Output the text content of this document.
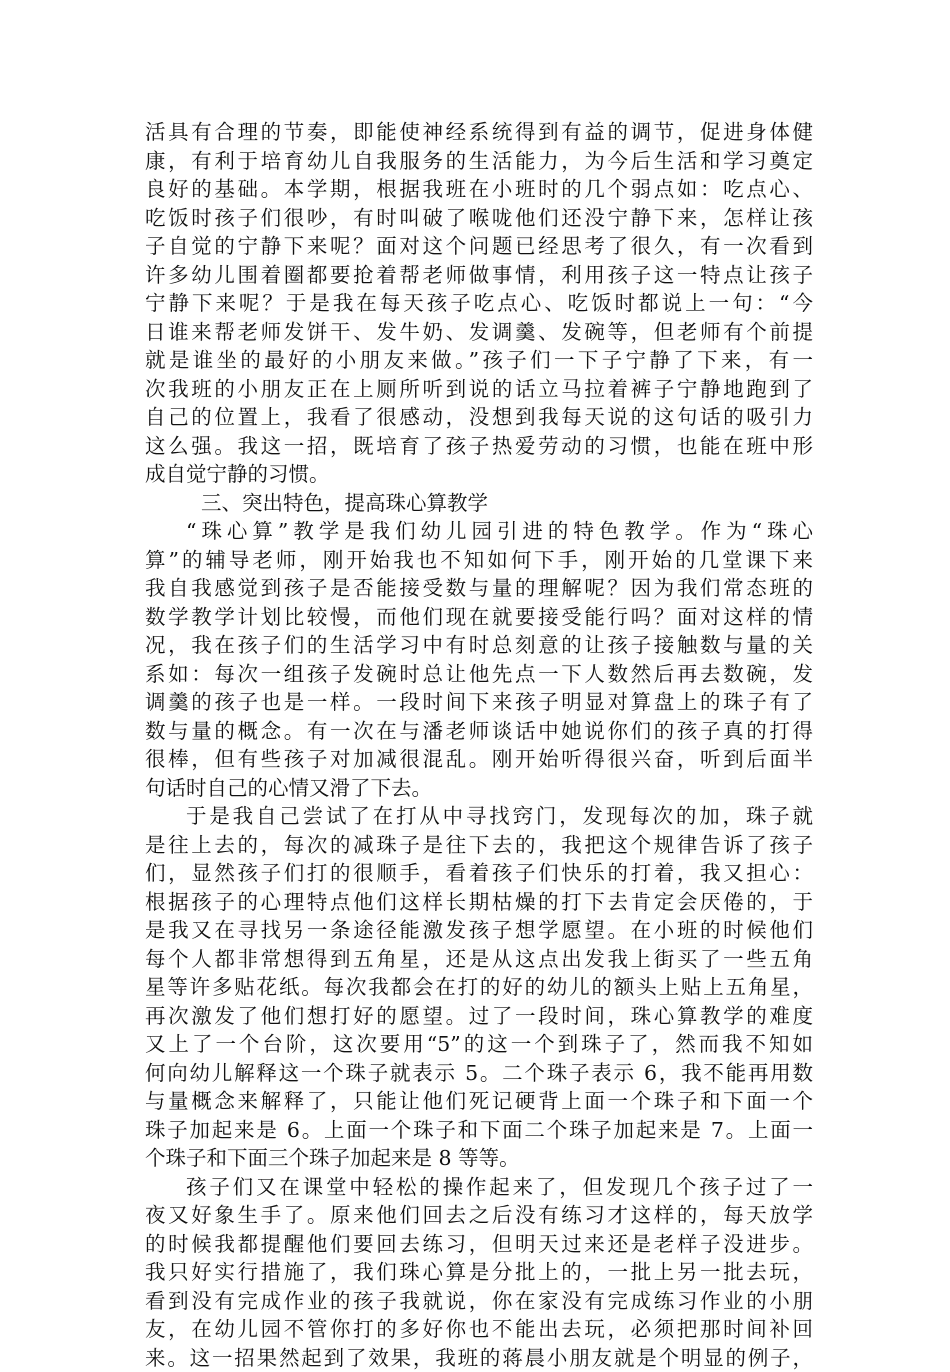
活具有合理的节奏，即能使神经系统得到有益的调节，促进身体健
康，有利于培育幼儿自我服务的生活能力，为今后生活和学习奠定
良好的基础。本学期，根据我班在小班时的几个弱点如：吃点心、
吃饭时孩子们很吵，有时叫破了喉咙他们还没宁静下来，怎样让孩
子自觉的宁静下来呢？面对这个问题已经思考了很久，有一次看到
许多幼儿围着圈都要抢着帮老师做事情，利用孩子这一特点让孩子
宁静下来呢？于是我在每天孩子吃点心、吃饭时都说上一句：“今
日谁来帮老师发饼干、发牛奶、发调羹、发碗等，但老师有个前提
就是谁坐的最好的小朋友来做。”孩子们一下子宁静了下来，有一
次我班的小朋友正在上厕所听到说的话立马拉着裤子宁静地跑到了
自己的位置上，我看了很感动，没想到我每天说的这句话的吸引力
这么强。我这一招，既培育了孩子热爱劳动的习惯，也能在班中形
成自觉宁静的习惯。
三、突出特色，提高珠心算教学
“珠心算”教学是我们幼儿园引进的特色教学。作为“珠心
算”的辅导老师，刚开始我也不知如何下手，刚开始的几堂课下来
我自我感觉到孩子是否能接受数与量的理解呢？因为我们常态班的
数学教学计划比较慢，而他们现在就要接受能行吗？面对这样的情
况，我在孩子们的生活学习中有时总刻意的让孩子接触数与量的关
系如：每次一组孩子发碗时总让他先点一下人数然后再去数碗，发
调羹的孩子也是一样。一段时间下来孩子明显对算盘上的珠子有了
数与量的概念。有一次在与潘老师谈话中她说你们的孩子真的打得
很棒，但有些孩子对加减很混乱。刚开始听得很兴奋，听到后面半
句话时自己的心情又滑了下去。
于是我自己尝试了在打从中寻找窍门，发现每次的加，珠子就
是往上去的，每次的减珠子是往下去的，我把这个规律告诉了孩子
们，显然孩子们打的很顺手，看着孩子们快乐的打着，我又担心：
根据孩子的心理特点他们这样长期枯燥的打下去肯定会厌倦的，于
是我又在寻找另一条途径能激发孩子想学愿望。在小班的时候他们
每个人都非常想得到五角星，还是从这点出发我上街买了一些五角
星等许多贴花纸。每次我都会在打的好的幼儿的额头上贴上五角星，
再次激发了他们想打好的愿望。过了一段时间，珠心算教学的难度
又上了一个台阶，这次要用“5”的这一个到珠子了，然而我不知如
何向幼儿解释这一个珠子就表示 5。二个珠子表示 6，我不能再用数
与量概念来解释了，只能让他们死记硬背上面一个珠子和下面一个
珠子加起来是 6。上面一个珠子和下面二个珠子加起来是 7。上面一
个珠子和下面三个珠子加起来是 8 等等。
孩子们又在课堂中轻松的操作起来了，但发现几个孩子过了一
夜又好象生手了。原来他们回去之后没有练习才这样的，每天放学
的时候我都提醒他们要回去练习，但明天过来还是老样子没进步。
我只好实行措施了，我们珠心算是分批上的，一批上另一批去玩，
看到没有完成作业的孩子我就说，你在家没有完成练习作业的小朋
友，在幼儿园不管你打的多好你也不能出去玩，必须把那时间补回
来。这一招果然起到了效果，我班的蒋晨小朋友就是个明显的例子，
